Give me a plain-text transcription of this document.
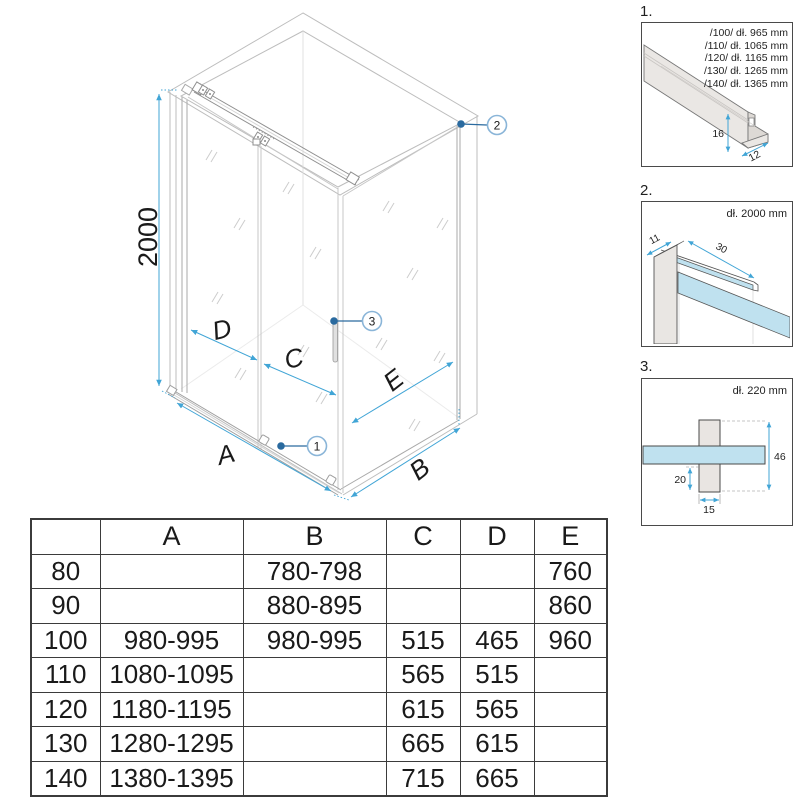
2000
D
C
E
A	B
1
2
3
1.
/100/ dł. 965 mm
/110/ dł. 1065 mm
/120/ dł. 1165 mm
/130/ dł. 1265 mm
/140/ dł. 1365 mm
16
12
2.
dł. 2000 mm
11
30
3.
dł. 220 mm
46
20
15
	A	B	C	D	E
80		780-798			760
90		880-895			860
100	980-995	980-995	515	465	960
110	1080-1095		565	515	
120	1180-1195		615	565	
130	1280-1295		665	615	
140	1380-1395		715	665	
